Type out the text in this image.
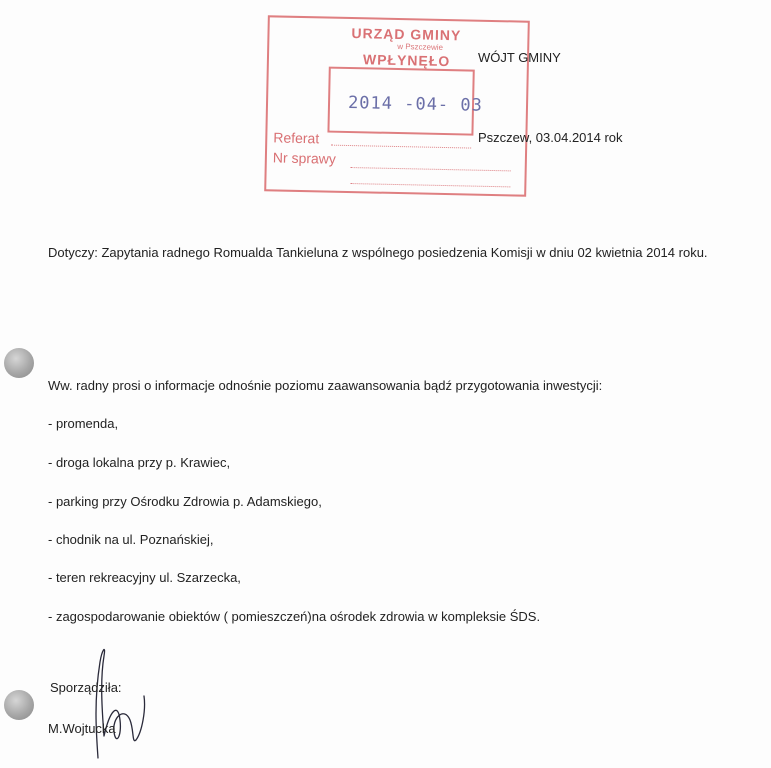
URZĄD GMINY
w Pszczewie
WPŁYNĘŁO
2014 -04- 03
Referat
Nr sprawy
WÓJT GMINY
Pszczew, 03.04.2014 rok
Dotyczy: Zapytania radnego Romualda Tankieluna z wspólnego posiedzenia Komisji w dniu 02 kwietnia 2014 roku.
Ww. radny prosi o informacje odnośnie poziomu zaawansowania bądź przygotowania inwestycji:
- promenda,
- droga lokalna przy p. Krawiec,
- parking przy Ośrodku Zdrowia p. Adamskiego,
- chodnik na ul. Poznańskiej,
- teren rekreacyjny ul. Szarzecka,
- zagospodarowanie obiektów ( pomieszczeń)na ośrodek zdrowia w kompleksie ŚDS.
Sporządziła:
M.Wojtucka
